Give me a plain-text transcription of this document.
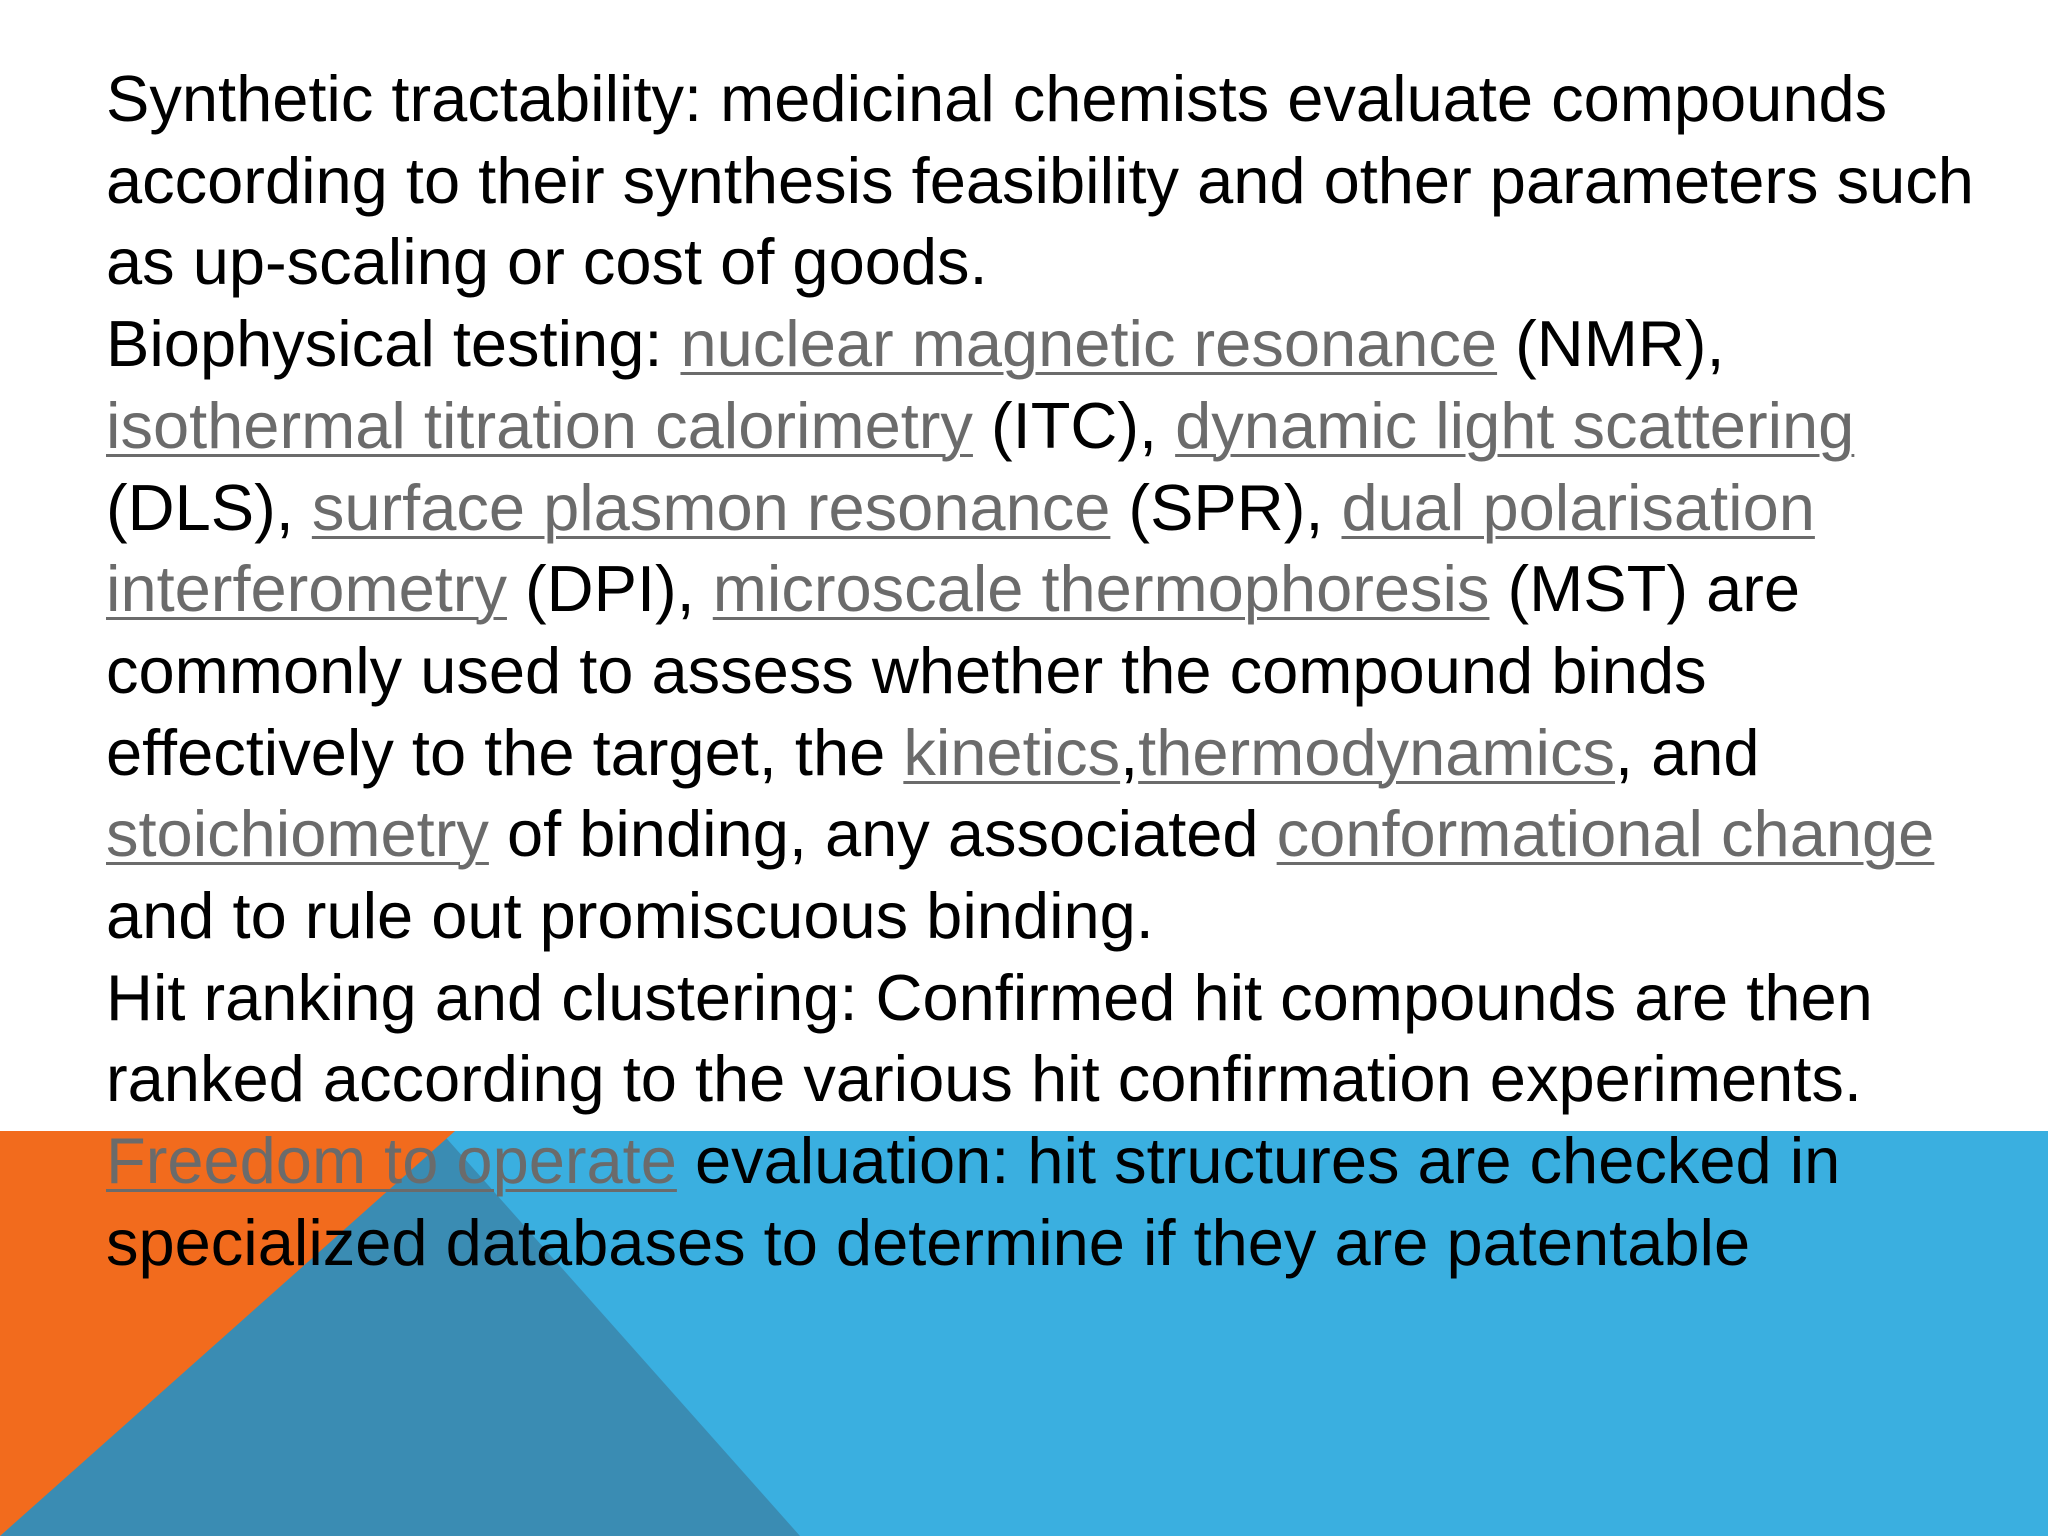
Synthetic tractability: medicinal chemists evaluate compounds according to their synthesis feasibility and other parameters such as up-scaling or cost of goods.

Biophysical testing: nuclear magnetic resonance (NMR), isothermal titration calorimetry (ITC), dynamic light scattering (DLS), surface plasmon resonance (SPR), dual polarisation interferometry (DPI), microscale thermophoresis (MST) are commonly used to assess whether the compound binds effectively to the target, the kinetics,thermodynamics, and stoichiometry of binding, any associated conformational change and to rule out promiscuous binding.

Hit ranking and clustering: Confirmed hit compounds are then ranked according to the various hit confirmation experiments.

Freedom to operate evaluation: hit structures are checked in specialized databases to determine if they are patentable
